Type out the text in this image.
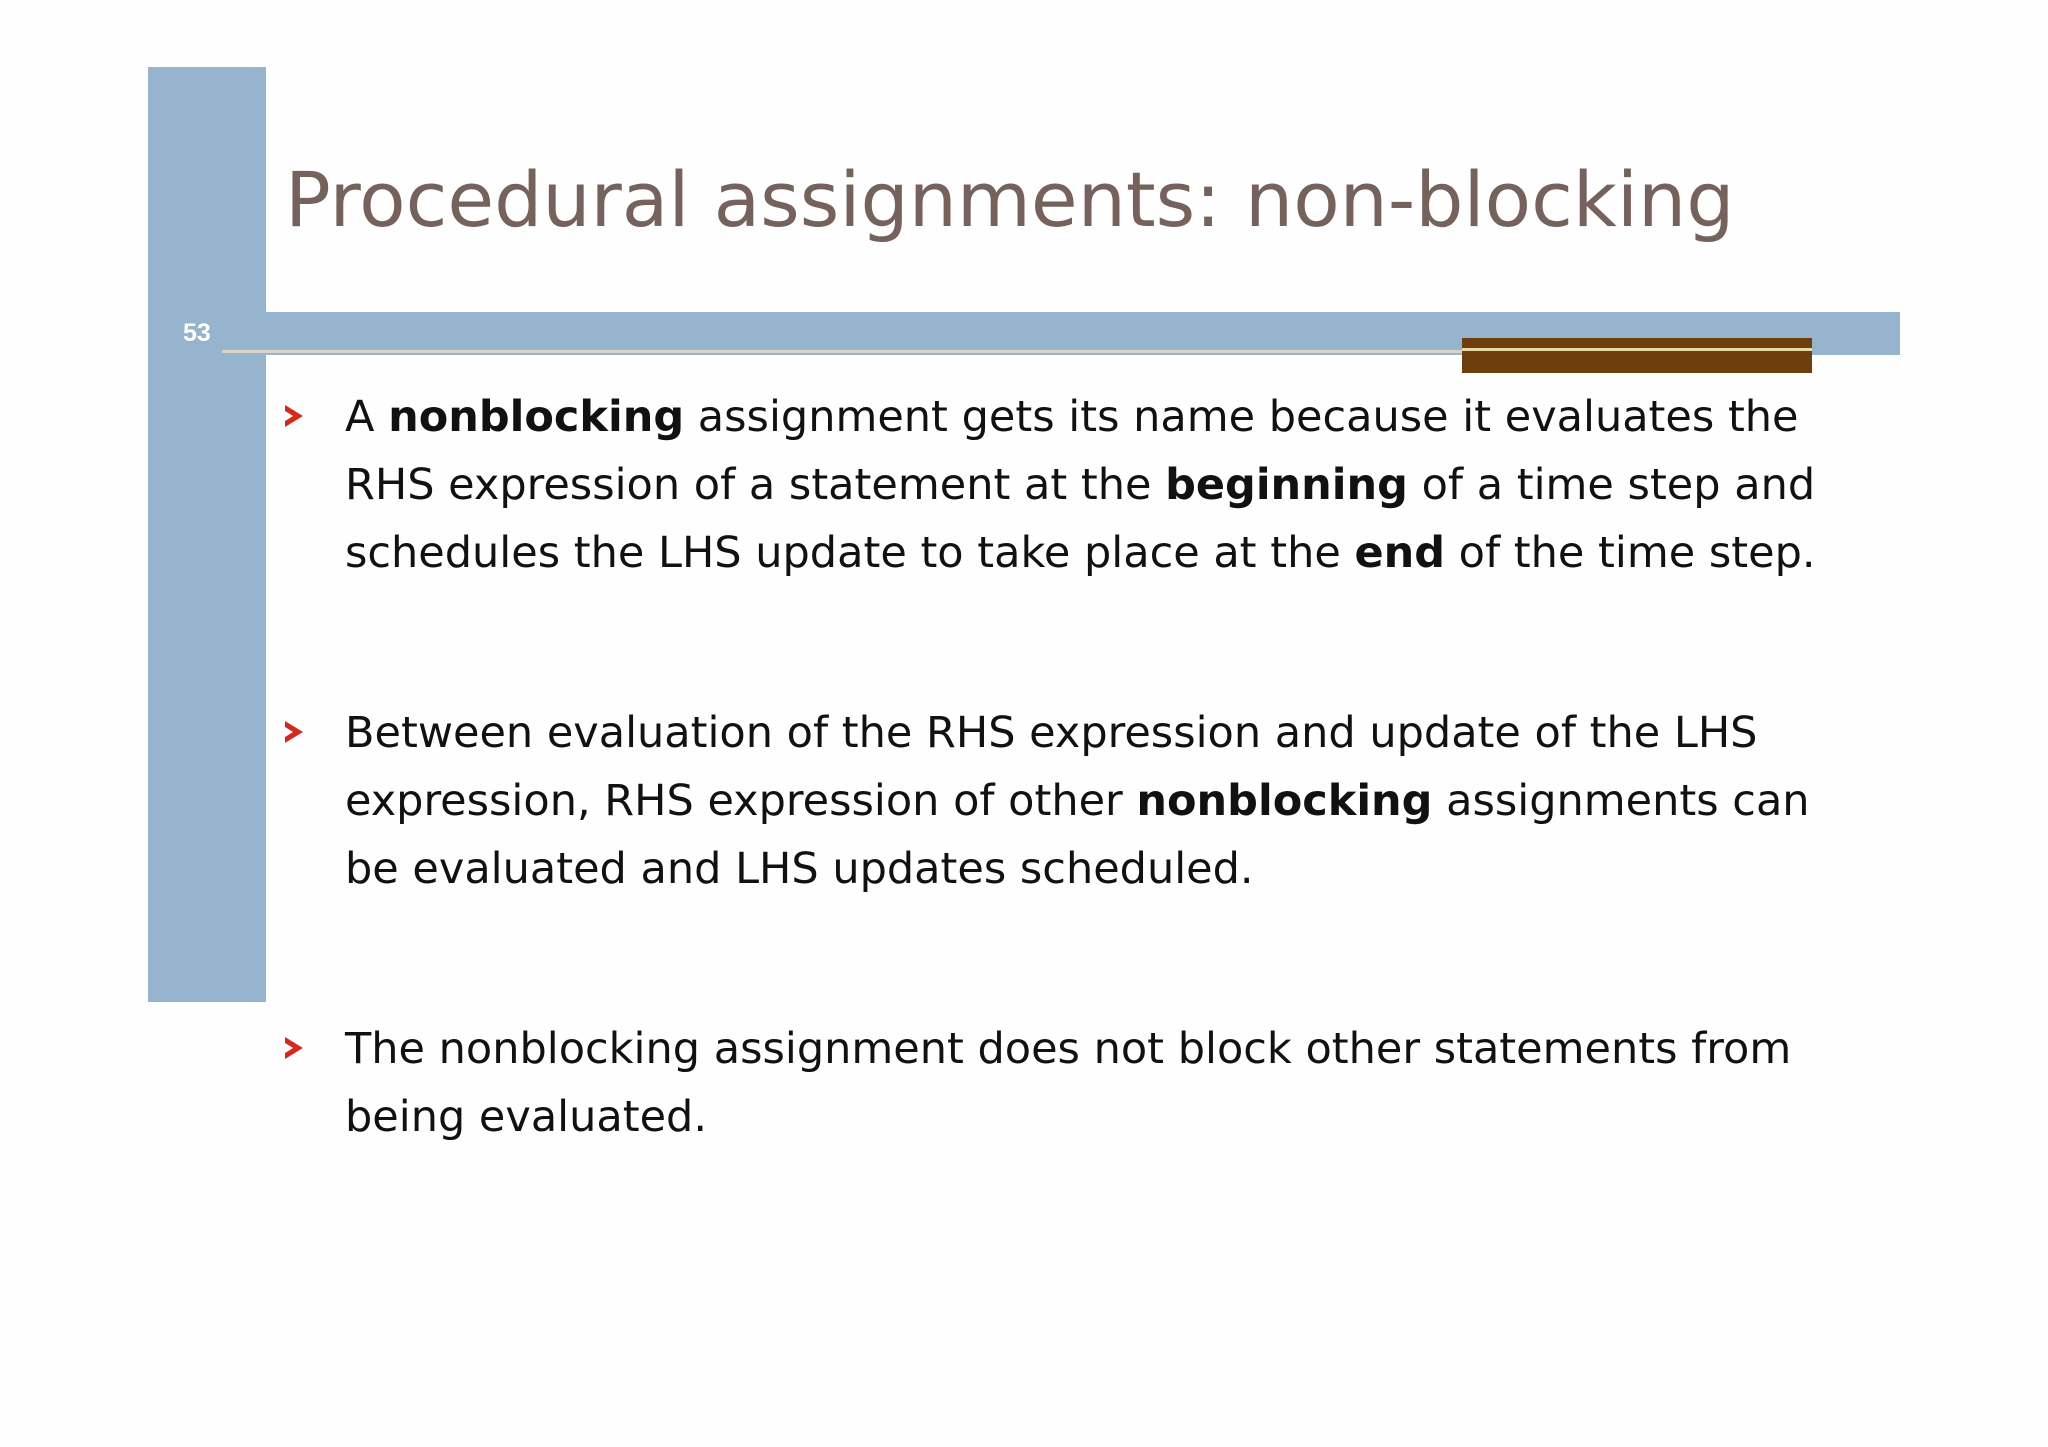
53
Procedural assignments: non-blocking
A nonblocking assignment gets its name because it evaluates the RHS expression of a statement at the beginning of a time step and schedules the LHS update to take place at the end of the time step.
Between evaluation of the RHS expression and update of the LHS expression, RHS expression of other nonblocking assignments can be evaluated and LHS updates scheduled.
The nonblocking assignment does not block other statements from being evaluated.
